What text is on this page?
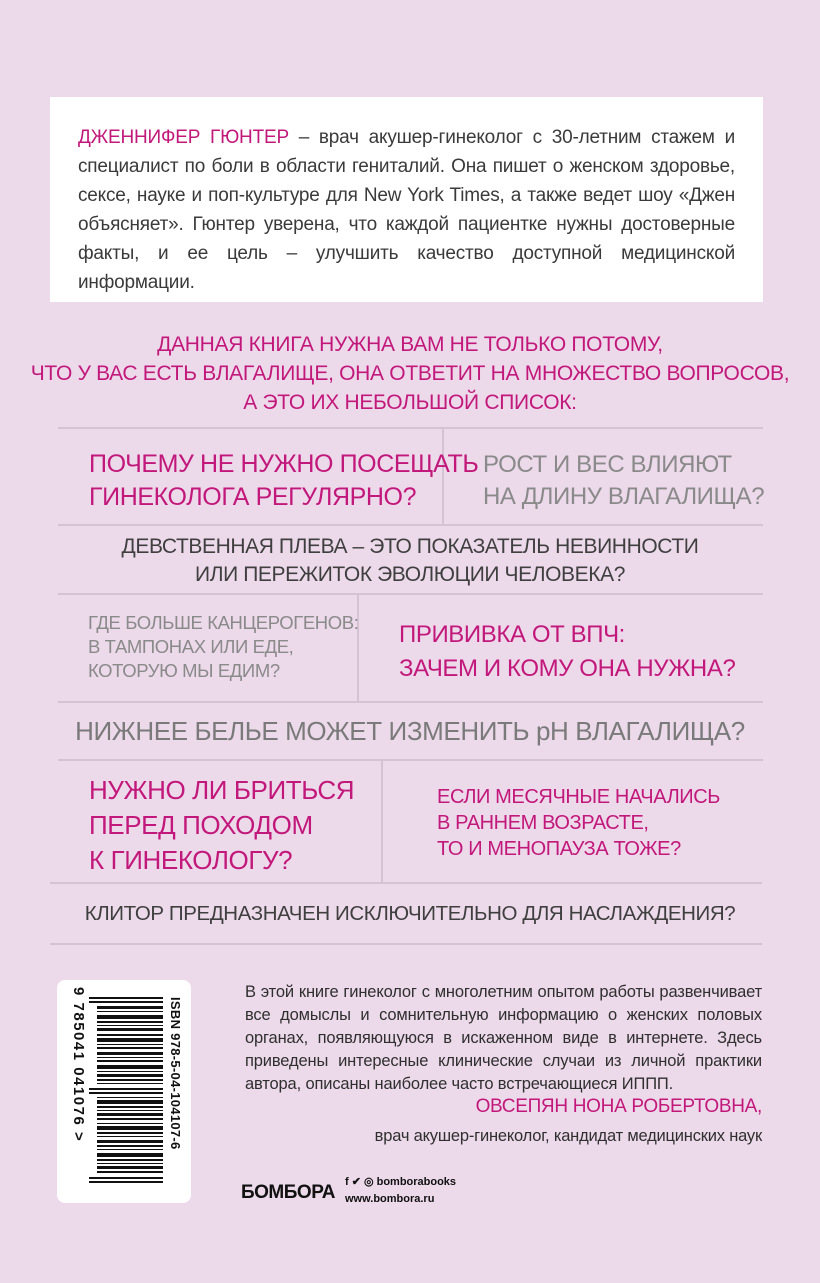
ДЖЕННИФЕР ГЮНТЕР – врач акушер-гинеколог с 30-летним стажем и специалист по боли в области гениталий. Она пишет о женском здоровье, сексе, науке и поп-культуре для New York Times, а также ведет шоу «Джен объясняет». Гюнтер уверена, что каждой пациентке нужны достоверные факты, и ее цель – улучшить качество доступной медицинской информации.

ДАННАЯ КНИГА НУЖНА ВАМ НЕ ТОЛЬКО ПОТОМУ,
ЧТО У ВАС ЕСТЬ ВЛАГАЛИЩЕ, ОНА ОТВЕТИТ НА МНОЖЕСТВО ВОПРОСОВ,
А ЭТО ИХ НЕБОЛЬШОЙ СПИСОК:
ПОЧЕМУ НЕ НУЖНО ПОСЕЩАТЬ
ГИНЕКОЛОГА РЕГУЛЯРНО?
РОСТ И ВЕС ВЛИЯЮТ
НА ДЛИНУ ВЛАГАЛИЩА?
ДЕВСТВЕННАЯ ПЛЕВА – ЭТО ПОКАЗАТЕЛЬ НЕВИННОСТИ
ИЛИ ПЕРЕЖИТОК ЭВОЛЮЦИИ ЧЕЛОВЕКА?
ГДЕ БОЛЬШЕ КАНЦЕРОГЕНОВ:
В ТАМПОНАХ ИЛИ ЕДЕ,
КОТОРУЮ МЫ ЕДИМ?
ПРИВИВКА ОТ ВПЧ:
ЗАЧЕМ И КОМУ ОНА НУЖНА?
НИЖНЕЕ БЕЛЬЕ МОЖЕТ ИЗМЕНИТЬ pH ВЛАГАЛИЩА?
НУЖНО ЛИ БРИТЬСЯ
ПЕРЕД ПОХОДОМ
К ГИНЕКОЛОГУ?
ЕСЛИ МЕСЯЧНЫЕ НАЧАЛИСЬ
В РАННЕМ ВОЗРАСТЕ,
ТО И МЕНОПАУЗА ТОЖЕ?
КЛИТОР ПРЕДНАЗНАЧЕН ИСКЛЮЧИТЕЛЬНО ДЛЯ НАСЛАЖДЕНИЯ?
ISBN 978-5-04-104107-6
9 785041 041076 >	В этой книге гинеколог с многолетним опытом работы развенчивает все домыслы и сомнительную информацию о женских половых органах, появляющуюся в искаженном виде в интернете. Здесь приведены интересные клинические случаи из личной практики автора, описаны наиболее часто встречающиеся ИППП.

ОВСЕПЯН НОНА РОБЕРТОВНА,
врач акушер-гинеколог, кандидат медицинских наук
БОМБОРА f ✔ ◎ bomborabooks
www.bombora.ru
